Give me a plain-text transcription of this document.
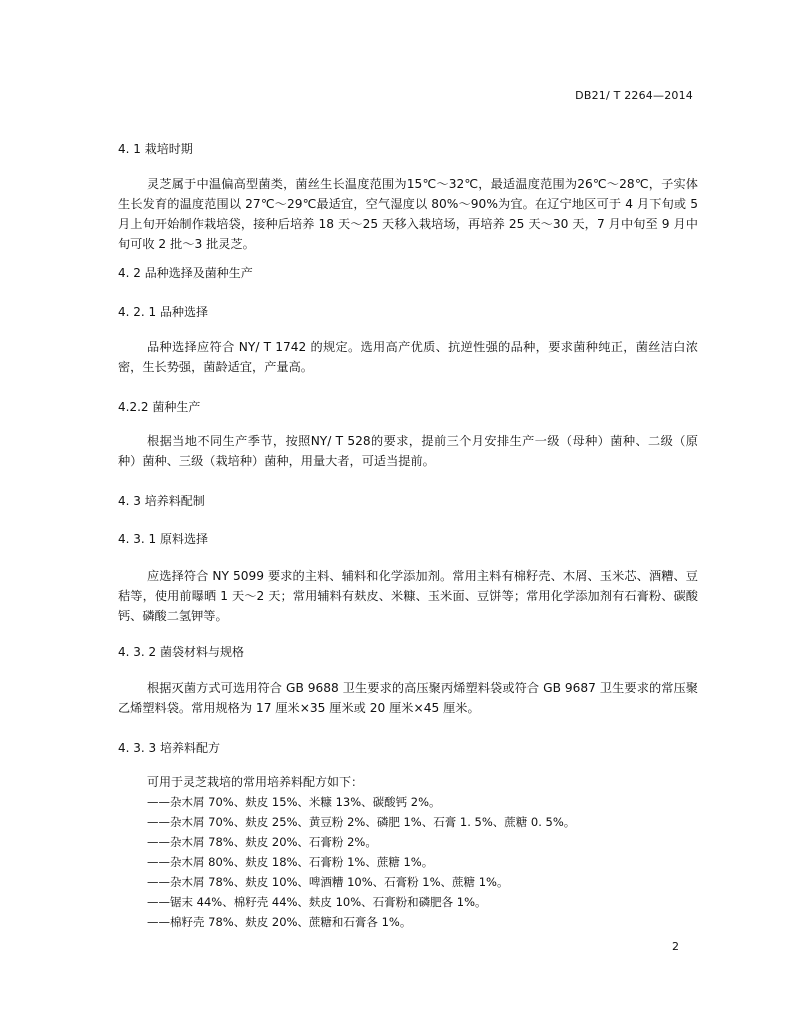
DB21/ T 2264—2014
4. 1 栽培时期
灵芝属于中温偏高型菌类，菌丝生长温度范围为15℃～32℃，最适温度范围为26℃～28℃，子实体生长发育的温度范围以 27℃～29℃最适宜，空气湿度以 80%～90%为宜。在辽宁地区可于 4 月下旬或 5 月上旬开始制作栽培袋，接种后培养 18 天～25 天移入栽培场，再培养 25 天～30 天，7 月中旬至 9 月中旬可收 2 批～3 批灵芝。
4. 2 品种选择及菌种生产
4. 2. 1 品种选择
品种选择应符合 NY/ T 1742 的规定。选用高产优质、抗逆性强的品种，要求菌种纯正，菌丝洁白浓密，生长势强，菌龄适宜，产量高。
4.2.2 菌种生产
根据当地不同生产季节，按照NY/ T 528的要求，提前三个月安排生产一级（母种）菌种、二级（原种）菌种、三级（栽培种）菌种，用量大者，可适当提前。
4. 3 培养料配制
4. 3. 1 原料选择
应选择符合 NY 5099 要求的主料、辅料和化学添加剂。常用主料有棉籽壳、木屑、玉米芯、酒糟、豆秸等，使用前曝晒 1 天～2 天；常用辅料有麸皮、米糠、玉米面、豆饼等；常用化学添加剂有石膏粉、碳酸钙、磷酸二氢钾等。
4. 3. 2 菌袋材料与规格
根据灭菌方式可选用符合 GB 9688 卫生要求的高压聚丙烯塑料袋或符合 GB 9687 卫生要求的常压聚乙烯塑料袋。常用规格为 17 厘米×35 厘米或 20 厘米×45 厘米。
4. 3. 3 培养料配方
可用于灵芝栽培的常用培养料配方如下：
——杂木屑 70%、麸皮 15%、米糠 13%、碳酸钙 2%。
——杂木屑 70%、麸皮 25%、黄豆粉 2%、磷肥 1%、石膏 1. 5%、蔗糖 0. 5%。
——杂木屑 78%、麸皮 20%、石膏粉 2%。
——杂木屑 80%、麸皮 18%、石膏粉 1%、蔗糖 1%。
——杂木屑 78%、麸皮 10%、啤酒糟 10%、石膏粉 1%、蔗糖 1%。
——锯末 44%、棉籽壳 44%、麸皮 10%、石膏粉和磷肥各 1%。
——棉籽壳 78%、麸皮 20%、蔗糖和石膏各 1%。
2
